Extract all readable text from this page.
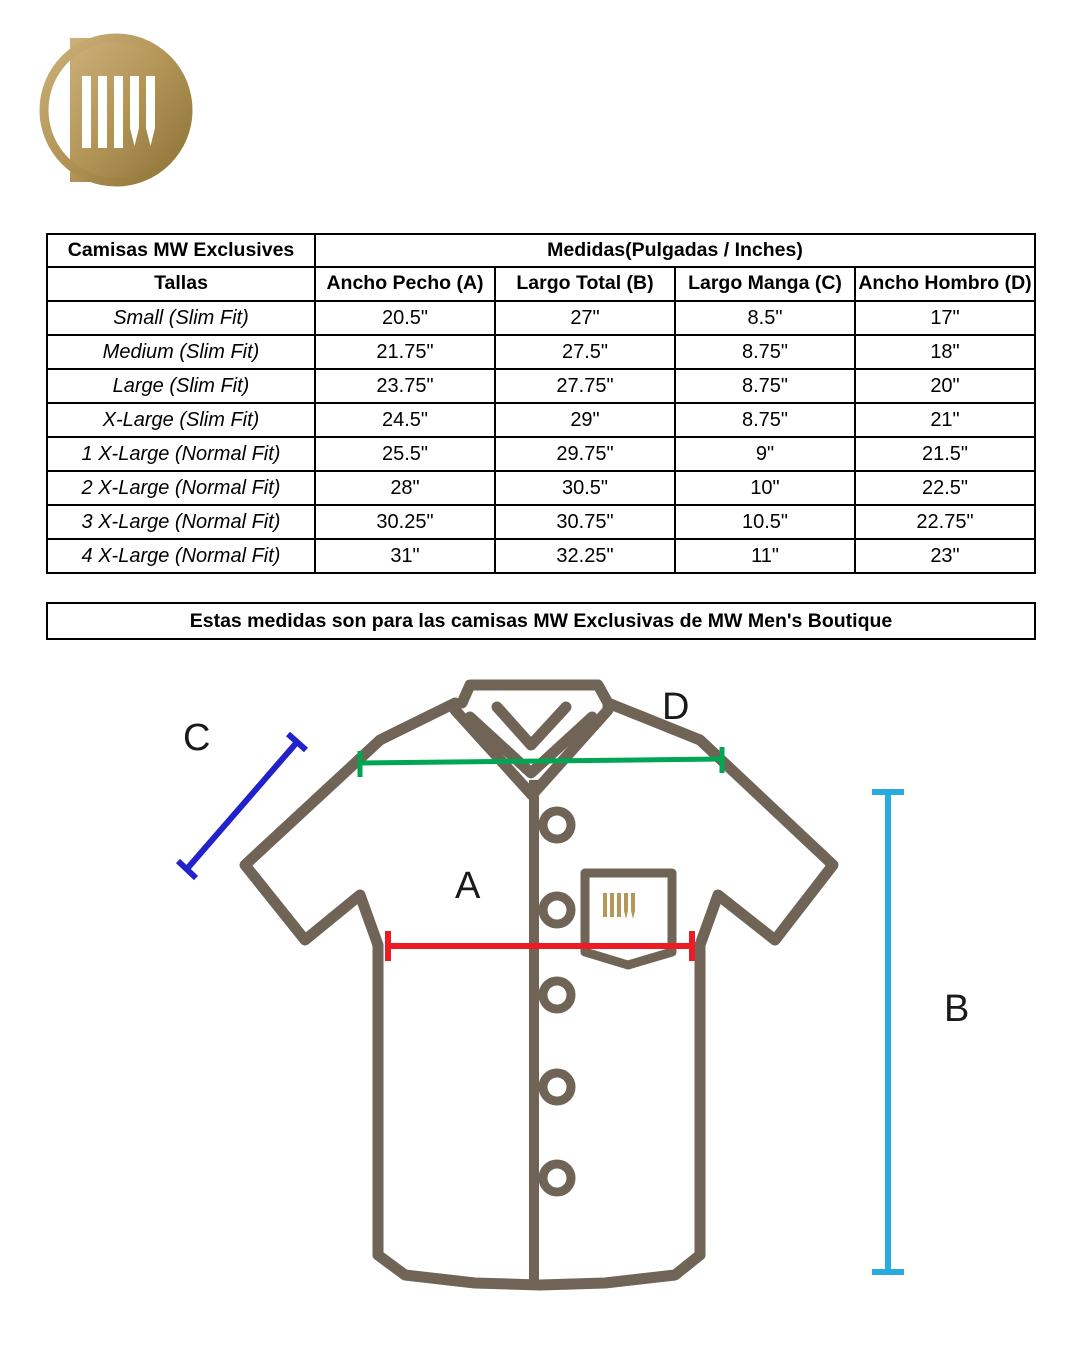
Camisas MW Exclusives	Medidas(Pulgadas / Inches)			
Tallas	Ancho Pecho (A)	Largo Total (B)	Largo Manga (C)	Ancho Hombro (D)
Small (Slim Fit)	20.5"	27"	8.5"	17"
Medium (Slim Fit)	21.75"	27.5"	8.75"	18"
Large (Slim Fit)	23.75"	27.75"	8.75"	20"
X-Large (Slim Fit)	24.5"	29"	8.75"	21"
1 X-Large (Normal Fit)	25.5"	29.75"	9"	21.5"
2 X-Large (Normal Fit)	28"	30.5"	10"	22.5"
3 X-Large (Normal Fit)	30.25"	30.75"	10.5"	22.75"
4 X-Large (Normal Fit)	31"	32.25"	11"	23"
Estas medidas son para las camisas MW Exclusivas de MW Men's Boutique
C
D
A
B
